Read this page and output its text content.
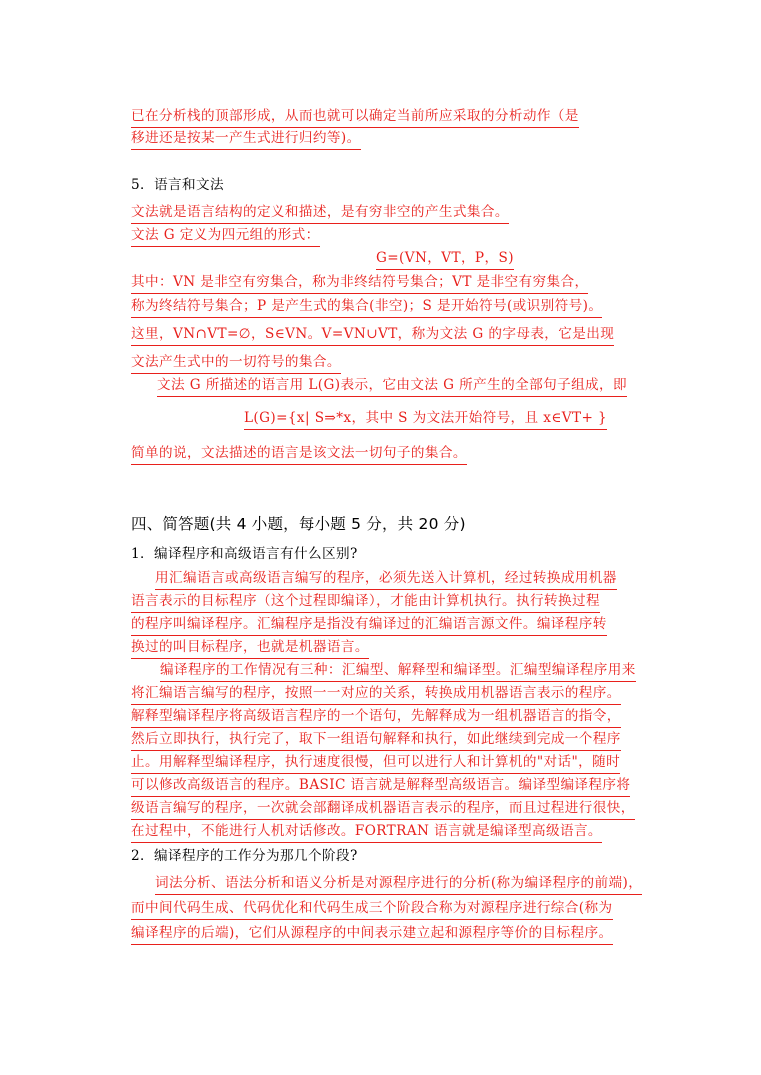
已在分析栈的顶部形成，从而也就可以确定当前所应采取的分析动作（是
移进还是按某一产生式进行归约等)。
5．语言和文法
文法就是语言结构的定义和描述，是有穷非空的产生式集合。
文法 G 定义为四元组的形式：
G=(VN，VT，P，S)
其中：VN 是非空有穷集合，称为非终结符号集合；VT 是非空有穷集合，
称为终结符号集合；P 是产生式的集合(非空)；S 是开始符号(或识别符号)。
这里，VN∩VT=∅，S∈VN。V=VN∪VT，称为文法 G 的字母表，它是出现
文法产生式中的一切符号的集合。
文法 G 所描述的语言用 L(G)表示，它由文法 G 所产生的全部句子组成，即
L(G)={x| S⇒*x，其中 S 为文法开始符号，且 x∈VT+ }
简单的说，文法描述的语言是该文法一切句子的集合。
四、简答题(共 4 小题，每小题 5 分，共 20 分)
1．编译程序和高级语言有什么区别?
用汇编语言或高级语言编写的程序，必须先送入计算机，经过转换成用机器
语言表示的目标程序（这个过程即编译），才能由计算机执行。执行转换过程
的程序叫编译程序。汇编程序是指没有编译过的汇编语言源文件。编译程序转
换过的叫目标程序，也就是机器语言。
编译程序的工作情况有三种：汇编型、解释型和编译型。汇编型编译程序用来
将汇编语言编写的程序，按照一一对应的关系，转换成用机器语言表示的程序。
解释型编译程序将高级语言程序的一个语句，先解释成为一组机器语言的指令，
然后立即执行，执行完了，取下一组语句解释和执行，如此继续到完成一个程序
止。用解释型编译程序，执行速度很慢，但可以进行人和计算机的"对话"，随时
可以修改高级语言的程序。BASIC 语言就是解释型高级语言。编译型编译程序将
级语言编写的程序，一次就会部翻译成机器语言表示的程序，而且过程进行很快，
在过程中，不能进行人机对话修改。FORTRAN 语言就是编译型高级语言。
2．编译程序的工作分为那几个阶段?
词法分析、语法分析和语义分析是对源程序进行的分析(称为编译程序的前端)，
而中间代码生成、代码优化和代码生成三个阶段合称为对源程序进行综合(称为
编译程序的后端)，它们从源程序的中间表示建立起和源程序等价的目标程序。
